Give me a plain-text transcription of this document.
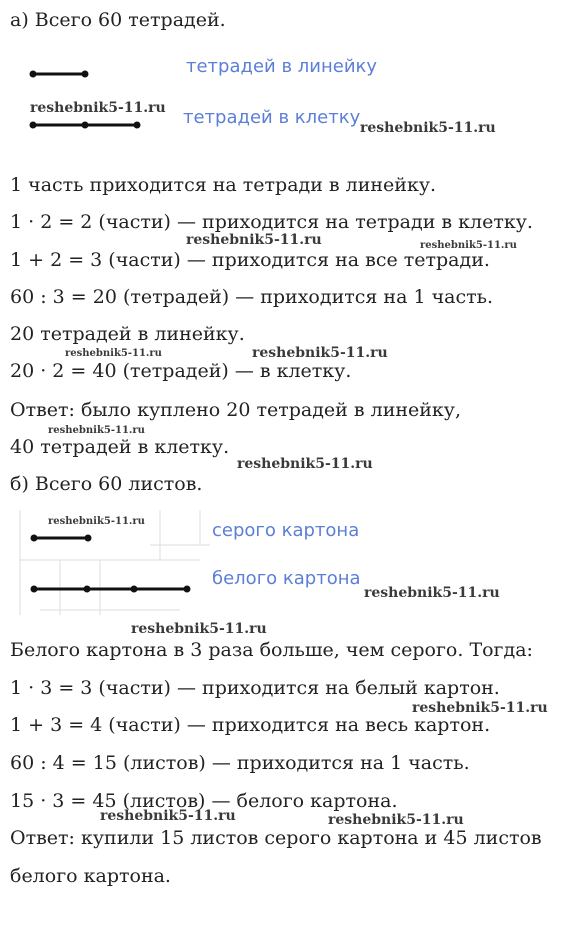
а) Всего 60 тетрадей.
тетрадей в линейку
тетрадей в клетку
1 часть приходится на тетради в линейку.
1 · 2 = 2 (части) — приходится на тетради в клетку.
1 + 2 = 3 (части) — приходится на все тетради.
60 : 3 = 20 (тетрадей) — приходится на 1 часть.
20 тетрадей в линейку.
20 · 2 = 40 (тетрадей) — в клетку.
Ответ: было куплено 20 тетрадей в линейку,
40 тетрадей в клетку.
б) Всего 60 листов.
серого картона
белого картона
Белого картона в 3 раза больше, чем серого. Тогда:
1 · 3 = 3 (части) — приходится на белый картон.
1 + 3 = 4 (части) — приходится на весь картон.
60 : 4 = 15 (листов) — приходится на 1 часть.
15 · 3 = 45 (листов) — белого картона.
Ответ: купили 15 листов серого картона и 45 листов
белого картона.
reshebnik5-11.ru
reshebnik5-11.ru
reshebnik5-11.ru	reshebnik5-11.ru
reshebnik5-11.ru	reshebnik5-11.ru
reshebnik5-11.ru
reshebnik5-11.ru
reshebnik5-11.ru
reshebnik5-11.ru
reshebnik5-11.ru
reshebnik5-11.ru
reshebnik5-11.ru	reshebnik5-11.ru
